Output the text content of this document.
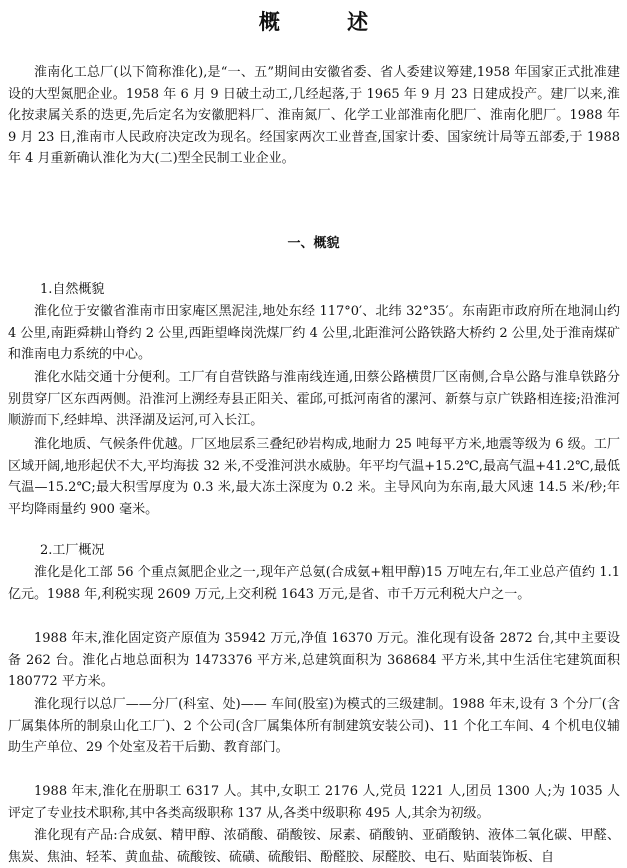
概 述

淮南化工总厂(以下简称淮化),是“一、五”期间由安徽省委、省人委建议筹建,1958 年国家正式批准建设的大型氮肥企业。1958 年 6 月 9 日破土动工,几经起落,于 1965 年 9 月 23 日建成投产。建厂以来,淮化按隶属关系的迭更,先后定名为安徽肥料厂、淮南氮厂、化学工业部淮南化肥厂、淮南化肥厂。1988 年 9 月 23 日,淮南市人民政府决定改为现名。经国家两次工业普查,国家计委、国家统计局等五部委,于 1988 年 4 月重新确认淮化为大(二)型全民制工业企业。

一、概貌
1.自然概貌

淮化位于安徽省淮南市田家庵区黑泥洼,地处东经 117°0′、北纬 32°35′。东南距市政府所在地洞山约 4 公里,南距舜耕山脊约 2 公里,西距望峰岗洗煤厂约 4 公里,北距淮河公路铁路大桥约 2 公里,处于淮南煤矿和淮南电力系统的中心。

淮化水陆交通十分便利。工厂有自营铁路与淮南线连通,田蔡公路横贯厂区南侧,合阜公路与淮阜铁路分别贯穿厂区东西两侧。沿淮河上溯经寿县正阳关、霍邱,可抵河南省的漯河、新蔡与京广铁路相连接;沿淮河顺游而下,经蚌埠、洪泽湖及运河,可入长江。

淮化地质、气候条件优越。厂区地层系三叠纪砂岩构成,地耐力 25 吨每平方米,地震等级为 6 级。工厂区域开阔,地形起伏不大,平均海拔 32 米,不受淮河洪水威胁。年平均气温+15.2℃,最高气温+41.2℃,最低气温—15.2℃;最大积雪厚度为 0.3 米,最大冻土深度为 0.2 米。主导风向为东南,最大风速 14.5 米/秒;年平均降雨量约 900 毫米。

2.工厂概况

淮化是化工部 56 个重点氮肥企业之一,现年产总氨(合成氨+粗甲醇)15 万吨左右,年工业总产值约 1.1 亿元。1988 年,利税实现 2609 万元,上交利税 1643 万元,是省、市千万元利税大户之一。

1988 年末,淮化固定资产原值为 35942 万元,净值 16370 万元。淮化现有设备 2872 台,其中主要设备 262 台。淮化占地总面积为 1473376 平方米,总建筑面积为 368684 平方米,其中生活住宅建筑面积 180772 平方米。

淮化现行以总厂——分厂(科室、处)—— 车间(股室)为模式的三级建制。1988 年末,设有 3 个分厂(含厂属集体所的制泉山化工厂)、2 个公司(含厂属集体所有制建筑安装公司)、11 个化工车间、4 个机电仪辅助生产单位、29 个处室及若干后勤、教育部门。

1988 年末,淮化在册职工 6317 人。其中,女职工 2176 人,党员 1221 人,团员 1300 人;为 1035 人评定了专业技术职称,其中各类高级职称 137 从,各类中级职称 495 人,其余为初级。

淮化现有产品:合成氨、精甲醇、浓硝酸、硝酸铵、尿素、硝酸钠、亚硝酸钠、液体二氧化碳、甲醛、焦炭、焦油、轻苯、黄血盐、硫酸铵、硫磺、硫酸铝、酚醛胶、尿醛胶、电石、贴面装饰板、自
